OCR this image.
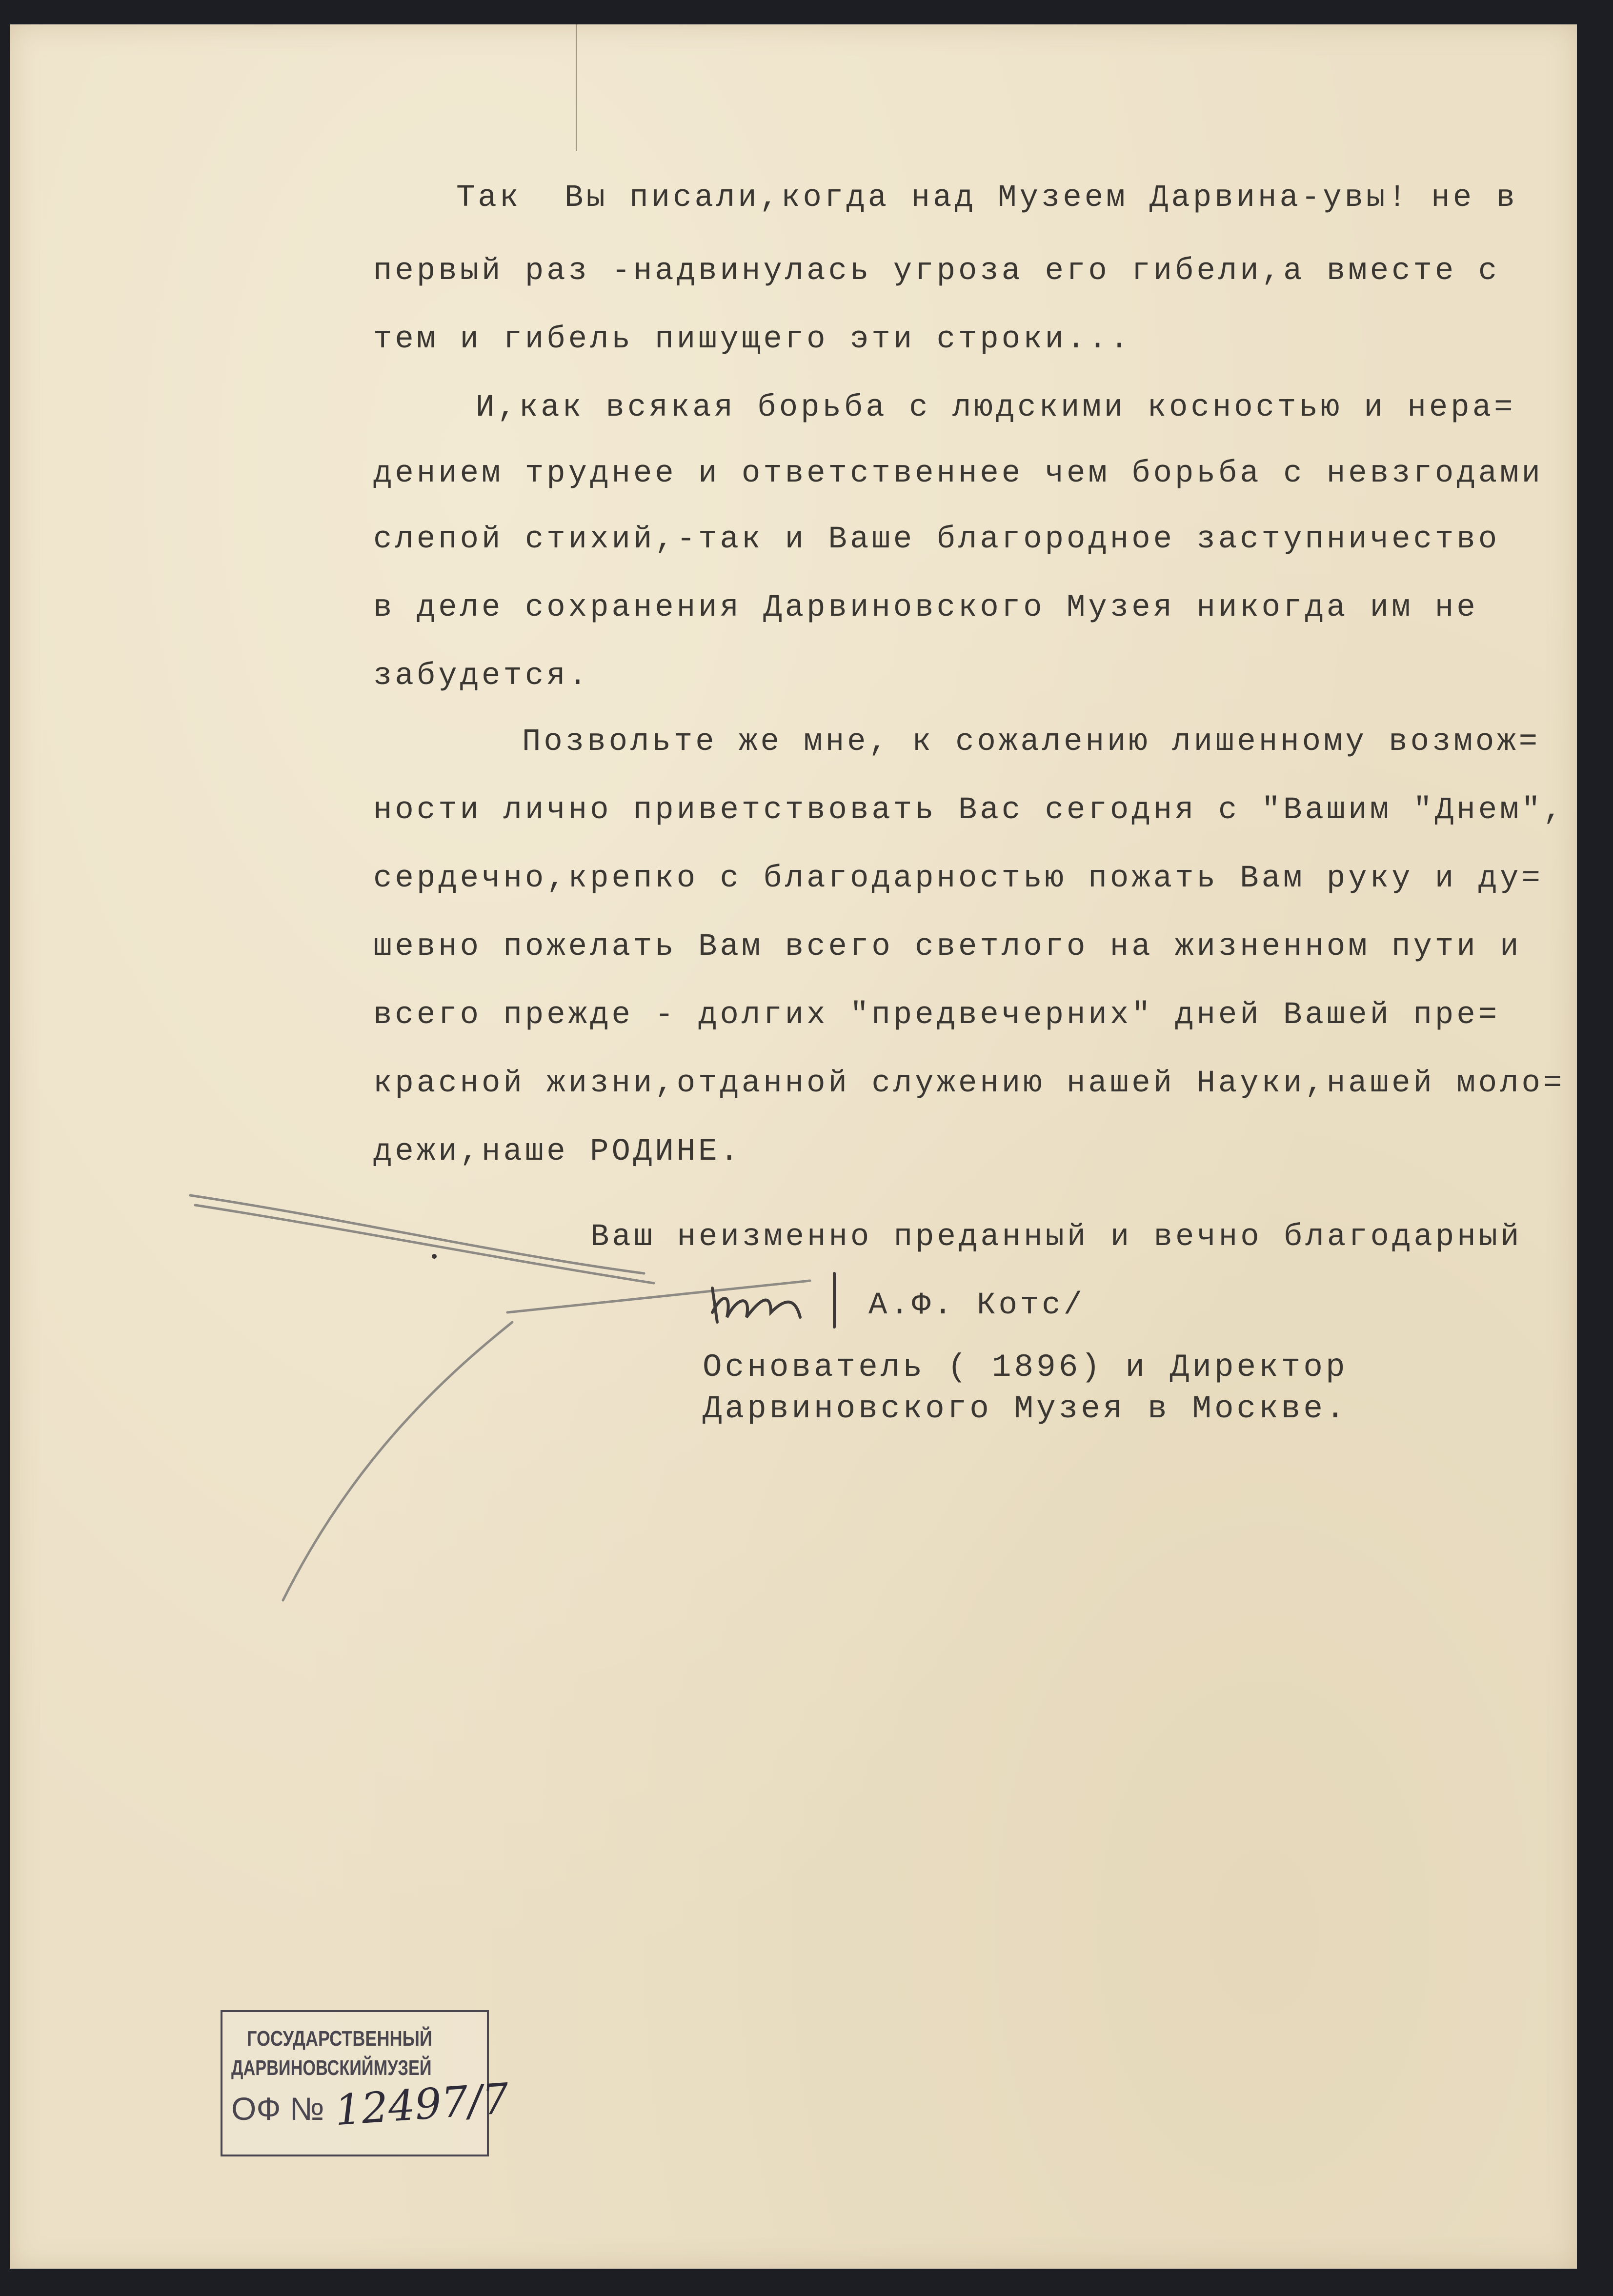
Так  Вы писали,когда над Музеем Дарвина-увы! не в

первый раз -надвинулась угроза его гибели,а вместе с

тем и гибель пишущего эти строки...

И,как всякая борьба с людскими косностью и нера=

дением труднее и ответственнее чем борьба с невзгодами

слепой стихий,-так и Ваше благородное заступничество

в деле сохранения Дарвиновского Музея никогда им не

забудется.

Позвольте же мне, к сожалению лишенному возмож=

ности лично приветствовать Вас сегодня с "Вашим "Днем",

сердечно,крепко с благодарностью пожать Вам руку и ду=

шевно пожелать Вам всего светлого на жизненном пути и

всего прежде - долгих "предвечерних" дней Вашей пре=

красной жизни,отданной служению нашей Науки,нашей моло=

дежи,наше РОДИНЕ.

Ваш неизменно преданный и вечно благодарный

А.Ф. Котс/

Основатель ( 1896) и Директор

Дарвиновского Музея в Москве.

ГОСУДАРСТВЕННЫЙ
ДАРВИНОВСКИЙМУЗЕЙ
ОФ № 12497/7
